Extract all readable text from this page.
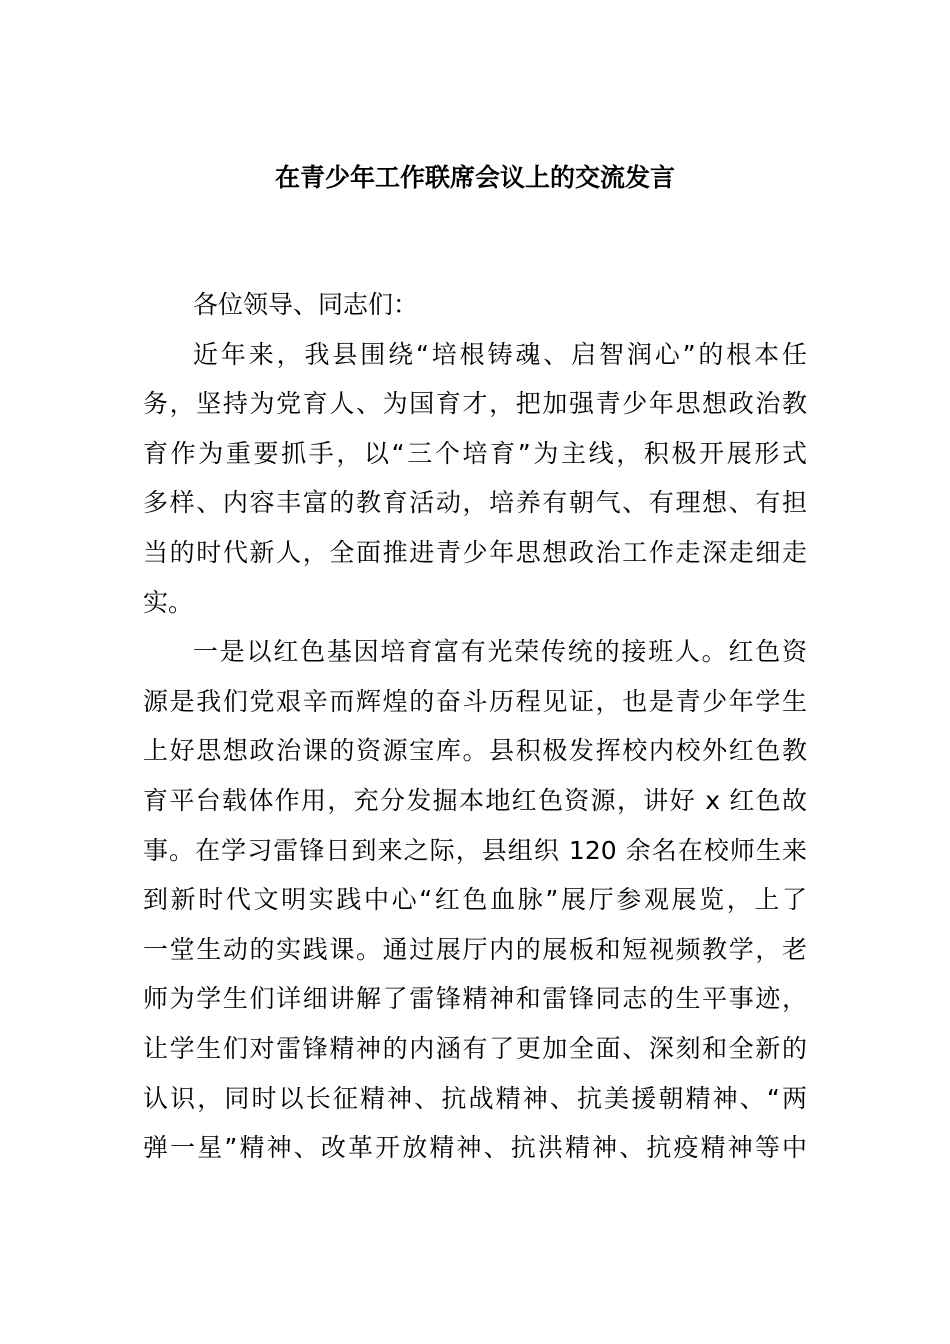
在青少年工作联席会议上的交流发言
各位领导、同志们：
近年来，我县围绕“培根铸魂、启智润心”的根本任
务，坚持为党育人、为国育才，把加强青少年思想政治教
育作为重要抓手，以“三个培育”为主线，积极开展形式
多样、内容丰富的教育活动，培养有朝气、有理想、有担
当的时代新人，全面推进青少年思想政治工作走深走细走
实。
一是以红色基因培育富有光荣传统的接班人。红色资
源是我们党艰辛而辉煌的奋斗历程见证，也是青少年学生
上好思想政治课的资源宝库。县积极发挥校内校外红色教
育平台载体作用，充分发掘本地红色资源，讲好 x 红色故
事。在学习雷锋日到来之际，县组织 120 余名在校师生来
到新时代文明实践中心“红色血脉”展厅参观展览，上了
一堂生动的实践课。通过展厅内的展板和短视频教学，老
师为学生们详细讲解了雷锋精神和雷锋同志的生平事迹，
让学生们对雷锋精神的内涵有了更加全面、深刻和全新的
认识，同时以长征精神、抗战精神、抗美援朝精神、“两
弹一星”精神、改革开放精神、抗洪精神、抗疫精神等中
